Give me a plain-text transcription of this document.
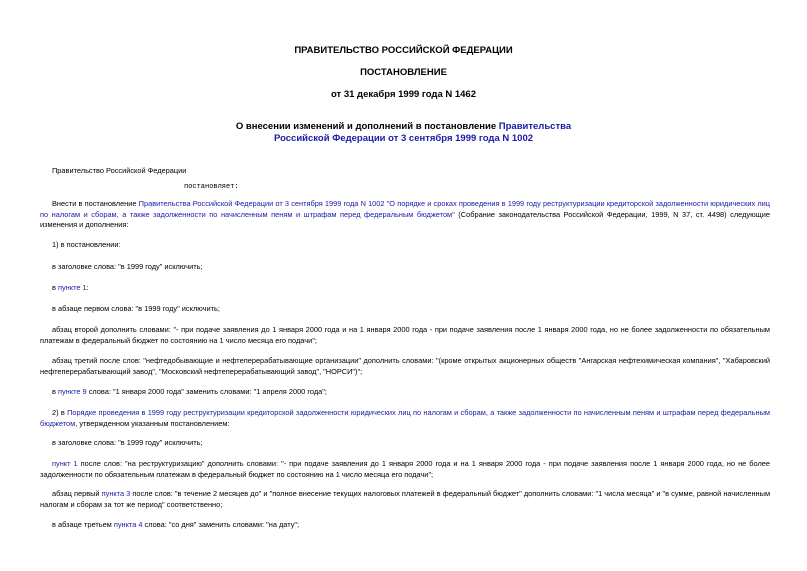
ПРАВИТЕЛЬСТВО РОССИЙСКОЙ ФЕДЕРАЦИИ
ПОСТАНОВЛЕНИЕ
от 31 декабря 1999 года N 1462
О внесении изменений и дополнений в постановление Правительства
Российской Федерации от 3 сентября 1999 года N 1002
Правительство Российской Федерации
постановляет:
Внести в постановление Правительства Российской Федерации от 3 сентября 1999 года N 1002 "О порядке и сроках проведения в 1999 году реструктуризации кредиторской задолженности юридических лиц по налогам и сборам, а также задолженности по начисленным пеням и штрафам перед федеральным бюджетом" (Собрание законодательства Российской Федерации, 1999, N 37, ст. 4498) следующие изменения и дополнения:
1) в постановлении:
в заголовке слова: "в 1999 году" исключить;
в пункте 1:
в абзаце первом слова: "в 1999 году" исключить;
абзац второй дополнить словами: "- при подаче заявления до 1 января 2000 года и на 1 января 2000 года - при подаче заявления после 1 января 2000 года, но не более задолженности по обязательным платежам в федеральный бюджет по состоянию на 1 число месяца его подачи";
абзац третий после слов: "нефтедобывающие и нефтеперерабатывающие организации" дополнить словами: "(кроме открытых акционерных обществ "Ангарская нефтехимическая компания", "Хабаровский нефтеперерабатывающий завод", "Московский нефтеперерабатывающий завод", "НОРСИ")";
в пункте 9 слова: "1 января 2000 года" заменить словами: "1 апреля 2000 года";
2) в Порядке проведения в 1999 году реструктуризации кредиторской задолженности юридических лиц по налогам и сборам, а также задолженности по начисленным пеням и штрафам перед федеральным бюджетом, утвержденном указанным постановлением:
в заголовке слова: "в 1999 году" исключить;
пункт 1 после слов: "на реструктуризацию" дополнить словами: "- при подаче заявления до 1 января 2000 года и на 1 января 2000 года - при подаче заявления после 1 января 2000 года, но не более задолженности по обязательным платежам в федеральный бюджет по состоянию на 1 число месяца его подачи";
абзац первый пункта 3 после слов: "в течение 2 месяцев до" и "полное внесение текущих налоговых платежей в федеральный бюджет" дополнить словами: "1 числа месяца" и "в сумме, равной начисленным налогам и сборам за тот же период" соответственно;
в абзаце третьем пункта 4 слова: "со дня" заменить словами: "на дату";
